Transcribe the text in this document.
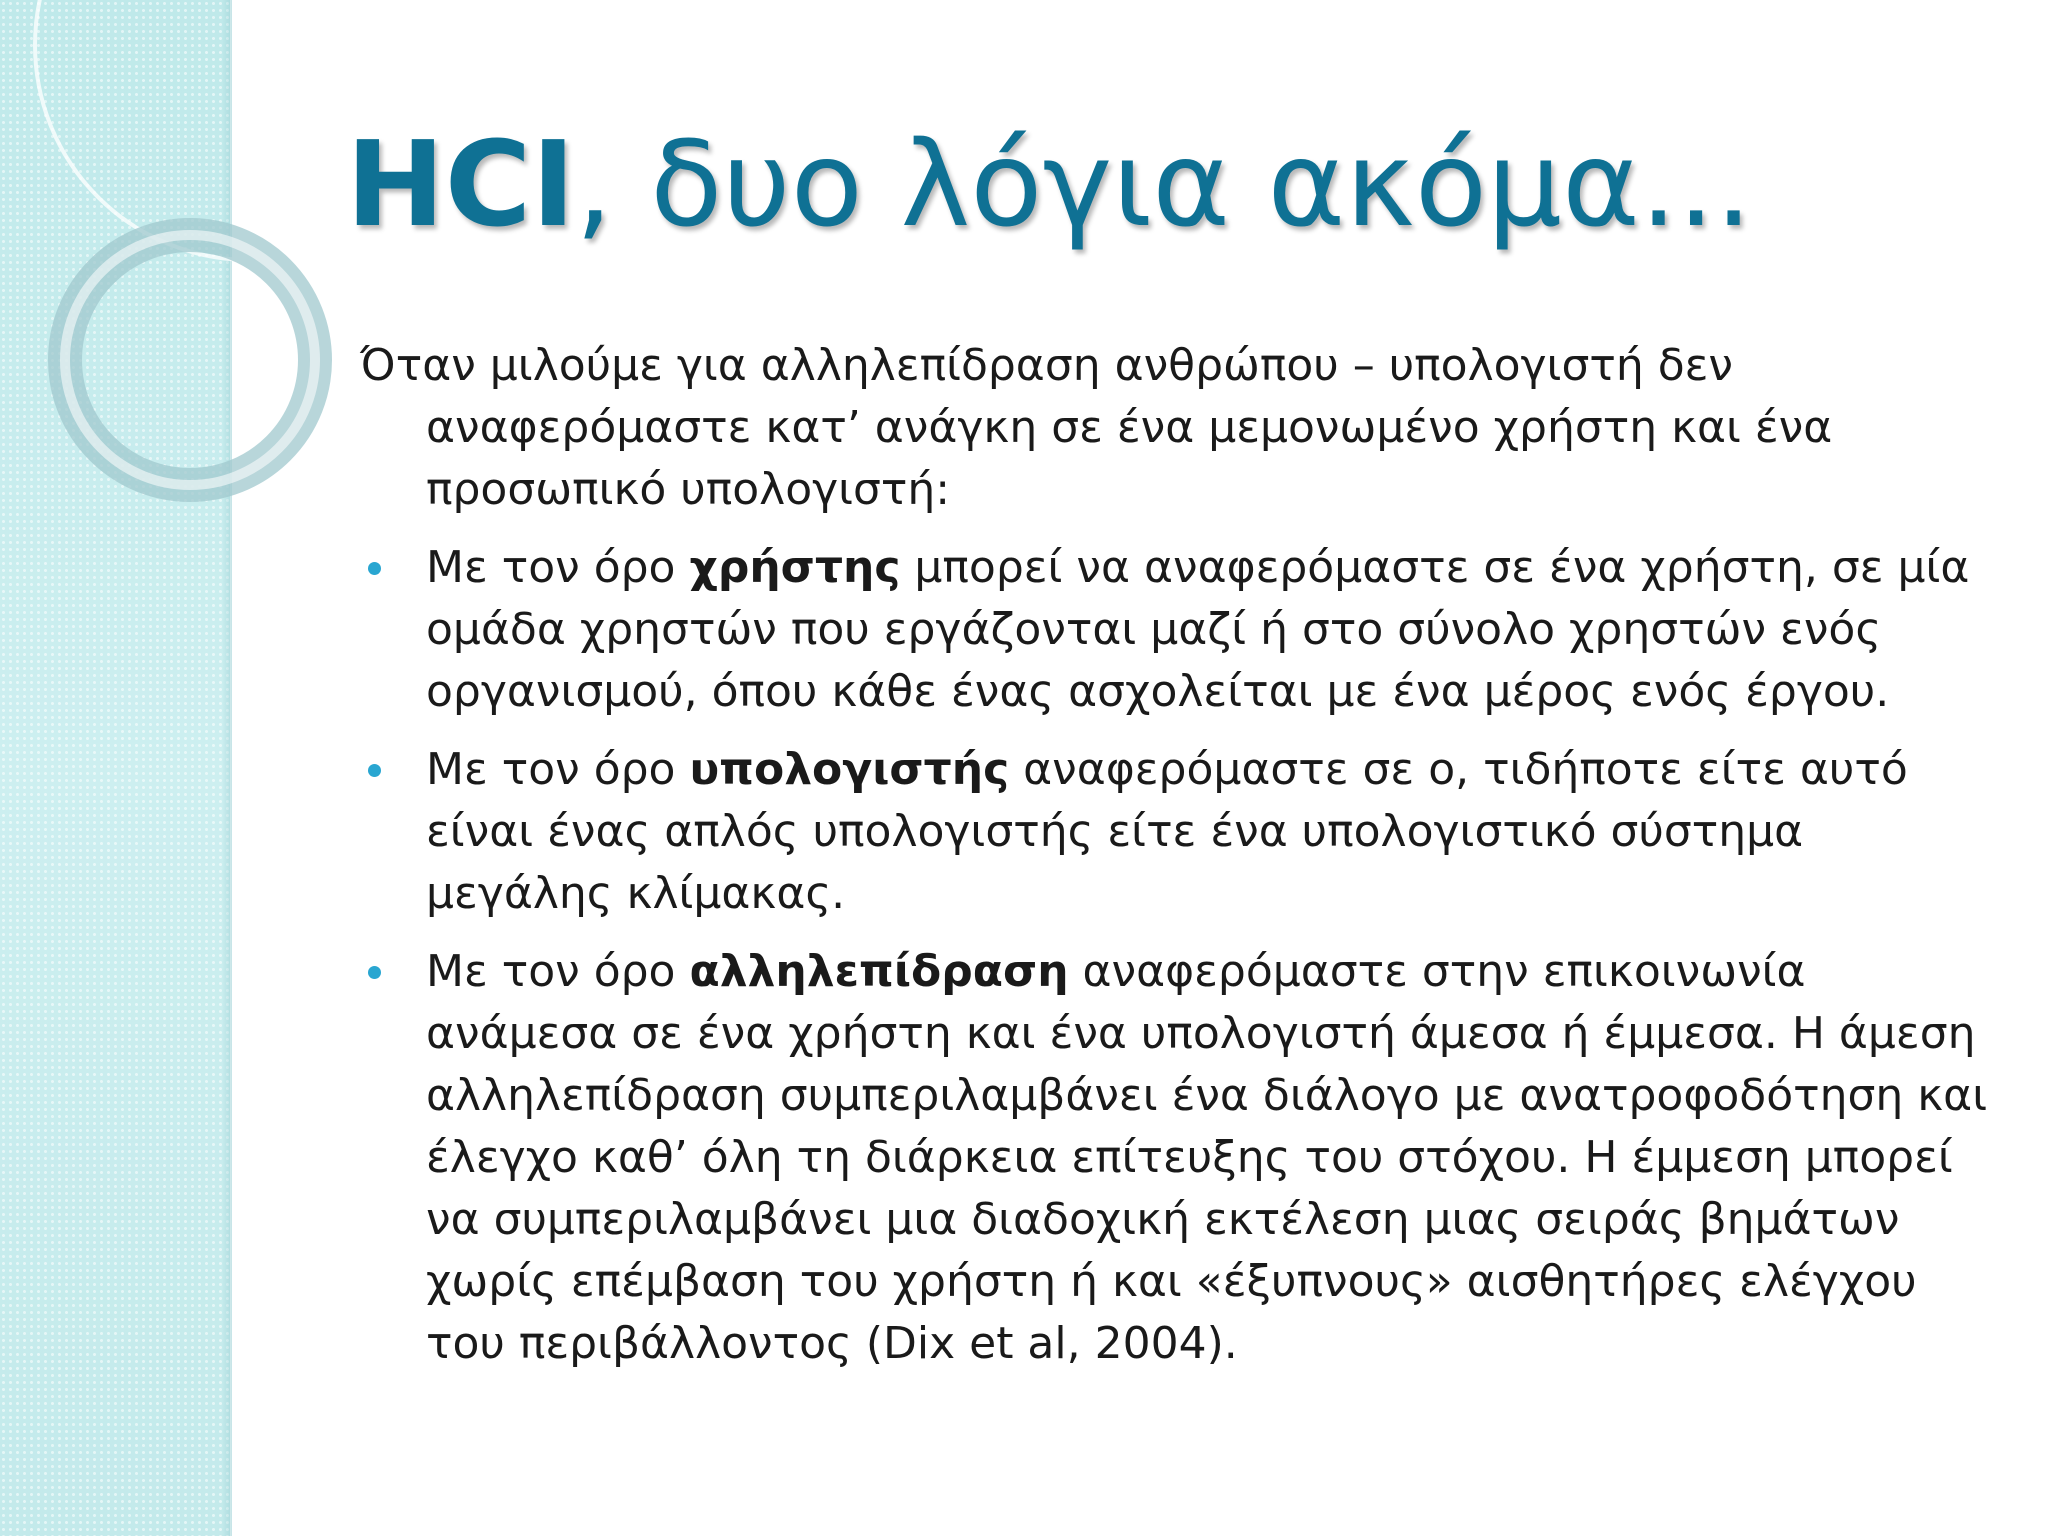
HCI, δυο λόγια ακόμα...

Όταν μιλούμε για αλληλεπίδραση ανθρώπου – υπολογιστή δεν αναφερόμαστε κατ’ ανάγκη σε ένα μεμονωμένο χρήστη και ένα προσωπικό υπολογιστή:

Με τον όρο χρήστης μπορεί να αναφερόμαστε σε ένα χρήστη, σε μία ομάδα χρηστών που εργάζονται μαζί ή στο σύνολο χρηστών ενός οργανισμού, όπου κάθε ένας ασχολείται με ένα μέρος ενός έργου.
Με τον όρο υπολογιστής αναφερόμαστε σε ο, τιδήποτε είτε αυτό είναι ένας απλός υπολογιστής είτε ένα υπολογιστικό σύστημα μεγάλης κλίμακας.
Με τον όρο αλληλεπίδραση αναφερόμαστε στην επικοινωνία ανάμεσα σε ένα χρήστη και ένα υπολογιστή άμεσα ή έμμεσα. Η άμεση αλληλεπίδραση συμπεριλαμβάνει ένα διάλογο με ανατροφοδότηση και έλεγχο καθ’ όλη τη διάρκεια επίτευξης του στόχου. Η έμμεση μπορεί να συμπεριλαμβάνει μια διαδοχική εκτέλεση μιας σειράς βημάτων χωρίς επέμβαση του χρήστη ή και «έξυπνους» αισθητήρες ελέγχου του περιβάλλοντος (Dix et al, 2004).
